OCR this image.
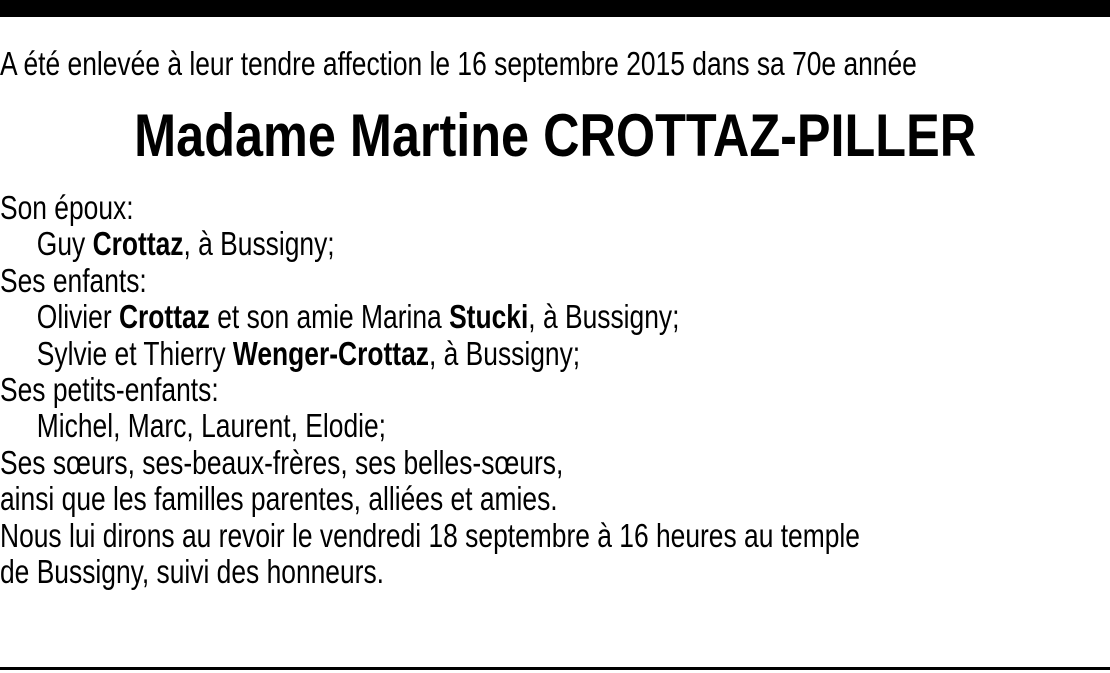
A été enlevée à leur tendre affection le 16 septembre 2015 dans sa 70e année
Madame Martine CROTTAZ-PILLER
Son époux:
Guy Crottaz, à Bussigny;
Ses enfants:
Olivier Crottaz et son amie Marina Stucki, à Bussigny;
Sylvie et Thierry Wenger-Crottaz, à Bussigny;
Ses petits-enfants:
Michel, Marc, Laurent, Elodie;
Ses sœurs, ses-beaux-frères, ses belles-sœurs,
ainsi que les familles parentes, alliées et amies.
Nous lui dirons au revoir le vendredi 18 septembre à 16 heures au temple
de Bussigny, suivi des honneurs.
